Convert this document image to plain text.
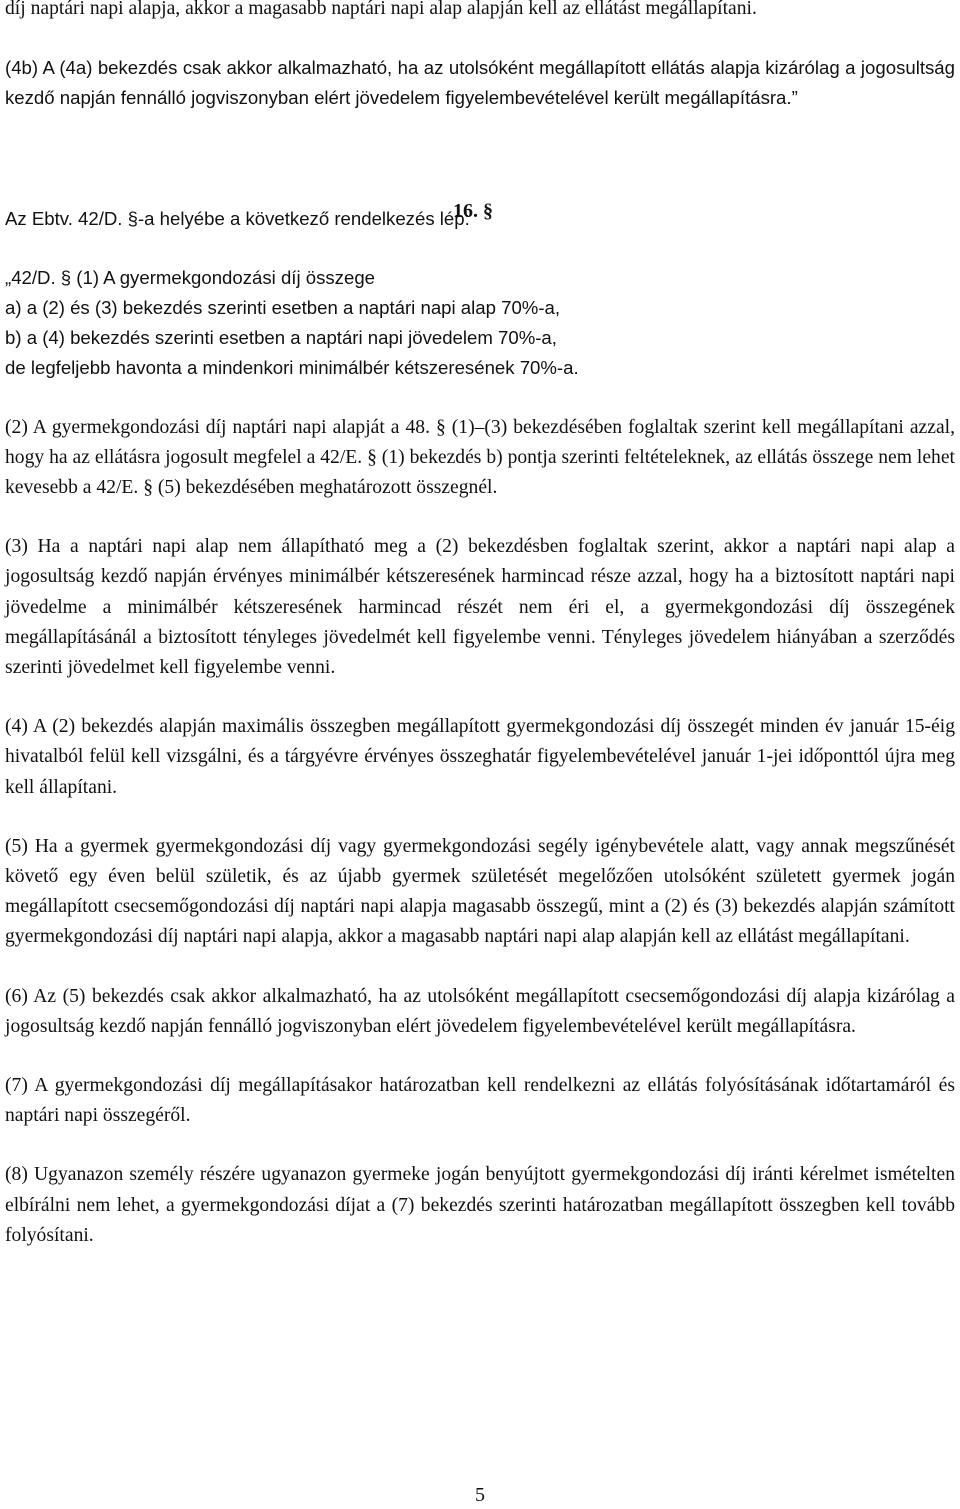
díj naptári napi alapja, akkor a magasabb naptári napi alap alapján kell az ellátást megállapítani.

(4b) A (4a) bekezdés csak akkor alkalmazható, ha az utolsóként megállapított ellátás alapja kizárólag a jogosultság kezdő napján fennálló jogviszonyban elért jövedelem figyelembevételével került megállapításra.”

Az Ebtv. 42/D. §-a helyébe a következő rendelkezés lép:

„42/D. § (1) A gyermekgondozási díj összege

a) a (2) és (3) bekezdés szerinti esetben a naptári napi alap 70%-a,

b) a (4) bekezdés szerinti esetben a naptári napi jövedelem 70%-a,

de legfeljebb havonta a mindenkori minimálbér kétszeresének 70%-a.

(2) A gyermekgondozási díj naptári napi alapját a 48. § (1)–(3) bekezdésében foglaltak szerint kell megállapítani azzal, hogy ha az ellátásra jogosult megfelel a 42/E. § (1) bekezdés b) pontja szerinti feltételeknek, az ellátás összege nem lehet kevesebb a 42/E. § (5) bekezdésében meghatározott összegnél.

(3) Ha a naptári napi alap nem állapítható meg a (2) bekezdésben foglaltak szerint, akkor a naptári napi alap a jogosultság kezdő napján érvényes minimálbér kétszeresének harmincad része azzal, hogy ha a biztosított naptári napi jövedelme a minimálbér kétszeresének harmincad részét nem éri el, a gyermekgondozási díj összegének megállapításánál a biztosított tényleges jövedelmét kell figyelembe venni. Tényleges jövedelem hiányában a szerződés szerinti jövedelmet kell figyelembe venni.

(4) A (2) bekezdés alapján maximális összegben megállapított gyermekgondozási díj összegét minden év január 15-éig hivatalból felül kell vizsgálni, és a tárgyévre érvényes összeghatár figyelembevételével január 1-jei időponttól újra meg kell állapítani.

(5) Ha a gyermek gyermekgondozási díj vagy gyermekgondozási segély igénybevétele alatt, vagy annak megszűnését követő egy éven belül születik, és az újabb gyermek születését megelőzően utolsóként született gyermek jogán megállapított csecsemőgondozási díj naptári napi alapja magasabb összegű, mint a (2) és (3) bekezdés alapján számított gyermekgondozási díj naptári napi alapja, akkor a magasabb naptári napi alap alapján kell az ellátást megállapítani.

(6) Az (5) bekezdés csak akkor alkalmazható, ha az utolsóként megállapított csecsemőgondozási díj alapja kizárólag a jogosultság kezdő napján fennálló jogviszonyban elért jövedelem figyelembevételével került megállapításra.

(7) A gyermekgondozási díj megállapításakor határozatban kell rendelkezni az ellátás folyósításának időtartamáról és naptári napi összegéről.

(8) Ugyanazon személy részére ugyanazon gyermeke jogán benyújtott gyermekgondozási díj iránti kérelmet ismételten elbírálni nem lehet, a gyermekgondozási díjat a (7) bekezdés szerinti határozatban megállapított összegben kell tovább folyósítani.

16. §

5
